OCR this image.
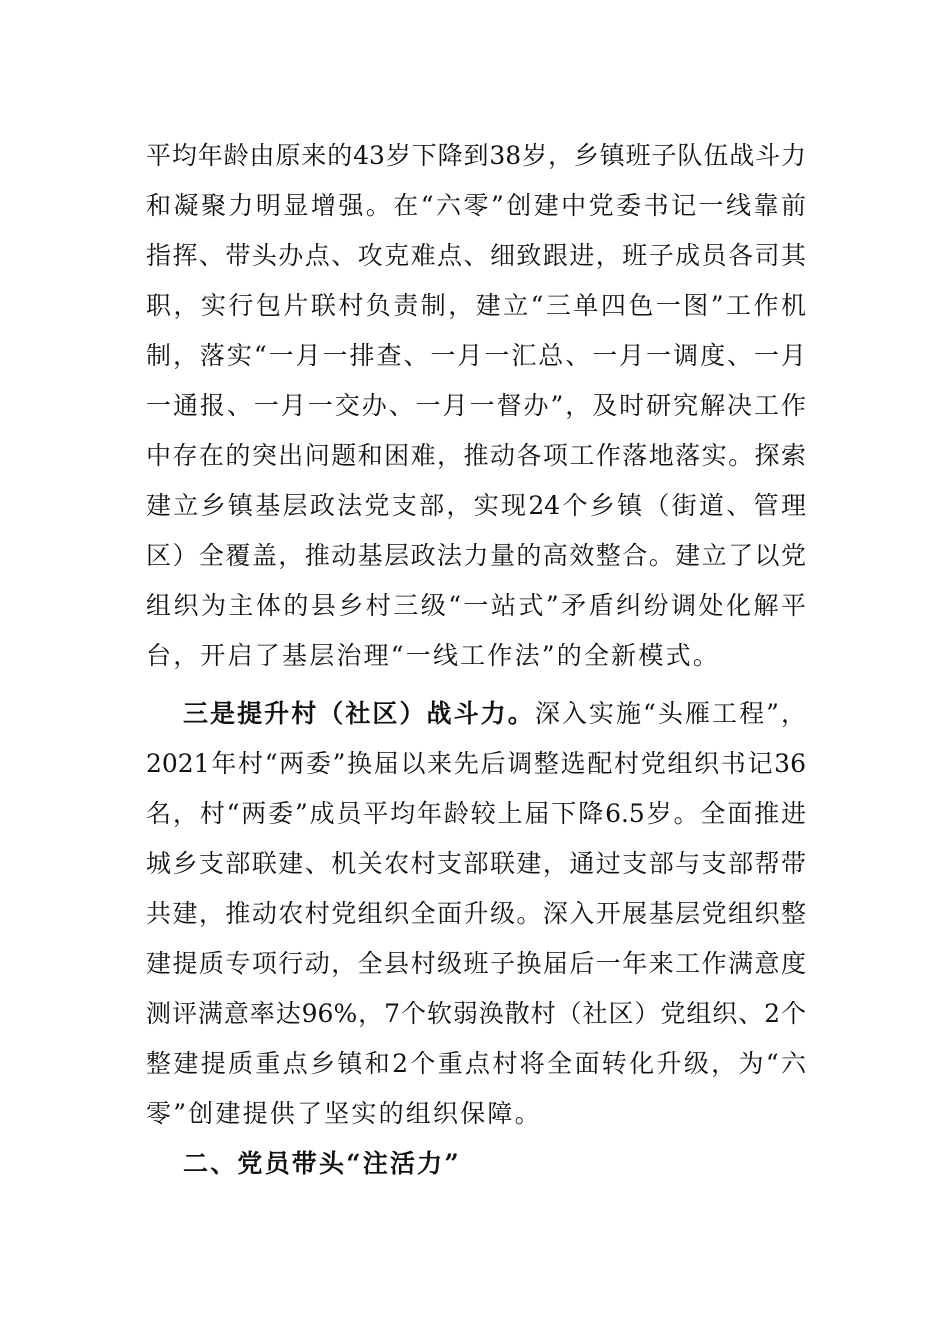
平均年龄由原来的43岁下降到38岁，乡镇班子队伍战斗力
和凝聚力明显增强。在“六零”创建中党委书记一线靠前
指挥、带头办点、攻克难点、细致跟进，班子成员各司其
职，实行包片联村负责制，建立“三单四色一图”工作机
制，落实“一月一排查、一月一汇总、一月一调度、一月
一通报、一月一交办、一月一督办”，及时研究解决工作
中存在的突出问题和困难，推动各项工作落地落实。探索
建立乡镇基层政法党支部，实现24个乡镇（街道、管理
区）全覆盖，推动基层政法力量的高效整合。建立了以党
组织为主体的县乡村三级“一站式”矛盾纠纷调处化解平
台，开启了基层治理“一线工作法”的全新模式。
三是提升村（社区）战斗力。深入实施“头雁工程”，
2021年村“两委”换届以来先后调整选配村党组织书记36
名，村“两委”成员平均年龄较上届下降6.5岁。全面推进
城乡支部联建、机关农村支部联建，通过支部与支部帮带
共建，推动农村党组织全面升级。深入开展基层党组织整
建提质专项行动，全县村级班子换届后一年来工作满意度
测评满意率达96%，7个软弱涣散村（社区）党组织、2个
整建提质重点乡镇和2个重点村将全面转化升级，为“六
零”创建提供了坚实的组织保障。
二、党员带头“注活力”
